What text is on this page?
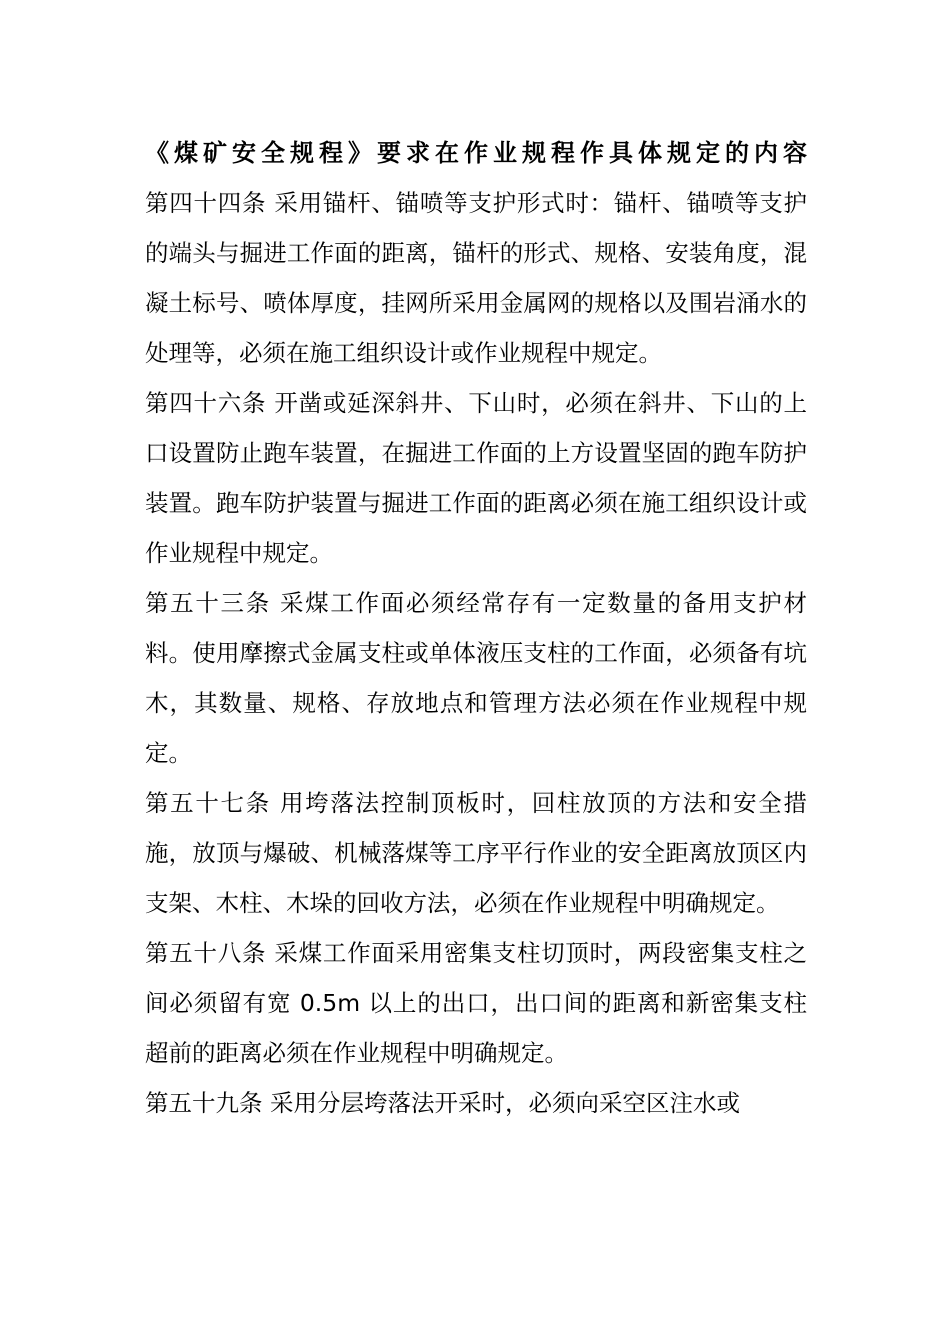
《煤矿安全规程》要求在作业规程作具体规定的内容

第四十四条 采用锚杆、锚喷等支护形式时：锚杆、锚喷等支护的端头与掘进工作面的距离，锚杆的形式、规格、安装角度，混凝土标号、喷体厚度，挂网所采用金属网的规格以及围岩涌水的处理等，必须在施工组织设计或作业规程中规定。

第四十六条 开凿或延深斜井、下山时，必须在斜井、下山的上口设置防止跑车装置，在掘进工作面的上方设置坚固的跑车防护装置。跑车防护装置与掘进工作面的距离必须在施工组织设计或作业规程中规定。

第五十三条 采煤工作面必须经常存有一定数量的备用支护材料。使用摩擦式金属支柱或单体液压支柱的工作面，必须备有坑木，其数量、规格、存放地点和管理方法必须在作业规程中规定。

第五十七条 用垮落法控制顶板时，回柱放顶的方法和安全措施，放顶与爆破、机械落煤等工序平行作业的安全距离放顶区内支架、木柱、木垛的回收方法，必须在作业规程中明确规定。

第五十八条 采煤工作面采用密集支柱切顶时，两段密集支柱之间必须留有宽 0.5m 以上的出口，出口间的距离和新密集支柱超前的距离必须在作业规程中明确规定。

第五十九条 采用分层垮落法开采时，必须向采空区注水或
